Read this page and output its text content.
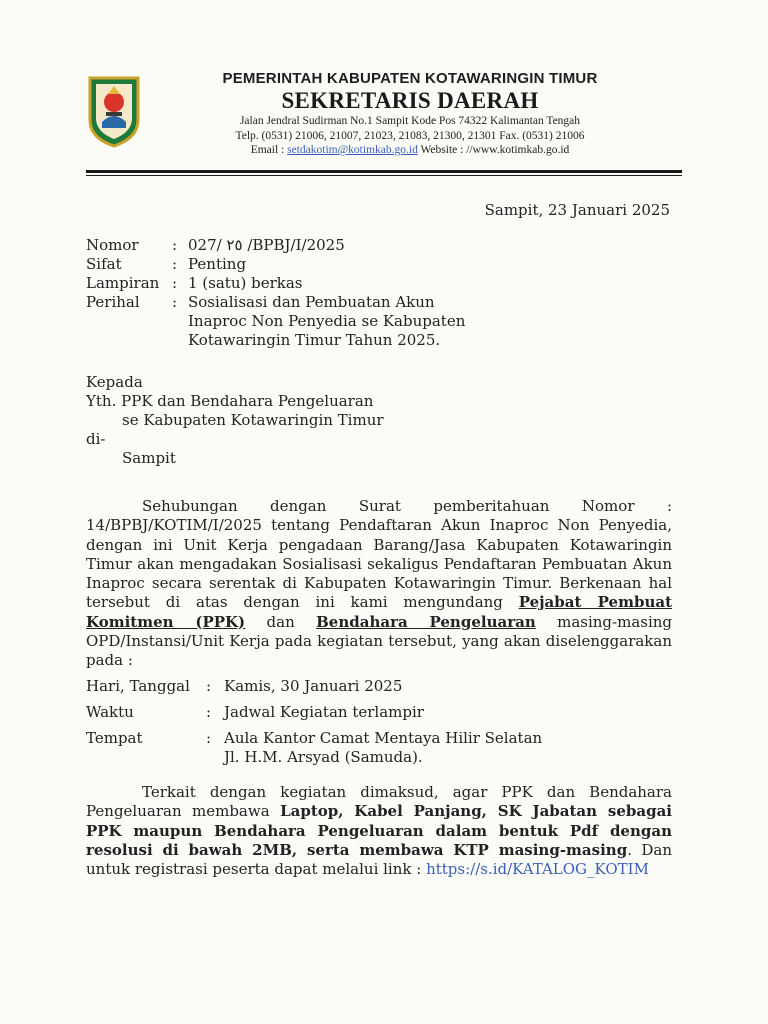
PEMERINTAH KABUPATEN KOTAWARINGIN TIMUR
SEKRETARIS DAERAH
Jalan Jendral Sudirman No.1 Sampit Kode Pos 74322 Kalimantan Tengah
Telp. (0531) 21006, 21007, 21023, 21083, 21300, 21301 Fax. (0531) 21006
Email : setdakotim@kotimkab.go.id Website : //www.kotimkab.go.id
Sampit, 23 Januari 2025
Nomor	: 027/ ٢٥ /BPBJ/I/2025
Sifat	: Penting
Lampiran : 1 (satu) berkas
Perihal	: Sosialisasi dan Pembuatan Akun
Inaproc Non Penyedia se Kabupaten
Kotawaringin Timur Tahun 2025.
Kepada
Yth. PPK dan Bendahara Pengeluaran
se Kabupaten Kotawaringin Timur
di-
Sampit
Sehubungan dengan Surat pemberitahuan Nomor : 14/BPBJ/KOTIM/I/2025 tentang Pendaftaran Akun Inaproc Non Penyedia, dengan ini Unit Kerja pengadaan Barang/Jasa Kabupaten Kotawaringin Timur akan mengadakan Sosialisasi sekaligus Pendaftaran Pembuatan Akun Inaproc secara serentak di Kabupaten Kotawaringin Timur. Berkenaan hal tersebut di atas dengan ini kami mengundang Pejabat Pembuat Komitmen (PPK) dan Bendahara Pengeluaran masing-masing OPD/Instansi/Unit Kerja pada kegiatan tersebut, yang akan diselenggarakan pada :
Hari, Tanggal	: Kamis, 30 Januari 2025
Waktu	: Jadwal Kegiatan terlampir
Tempat	: Aula Kantor Camat Mentaya Hilir Selatan
Jl. H.M. Arsyad (Samuda).
Terkait dengan kegiatan dimaksud, agar PPK dan Bendahara Pengeluaran membawa Laptop, Kabel Panjang, SK Jabatan sebagai PPK maupun Bendahara Pengeluaran dalam bentuk Pdf dengan resolusi di bawah 2MB, serta membawa KTP masing-masing. Dan untuk registrasi peserta dapat melalui link : https://s.id/KATALOG_KOTIM
